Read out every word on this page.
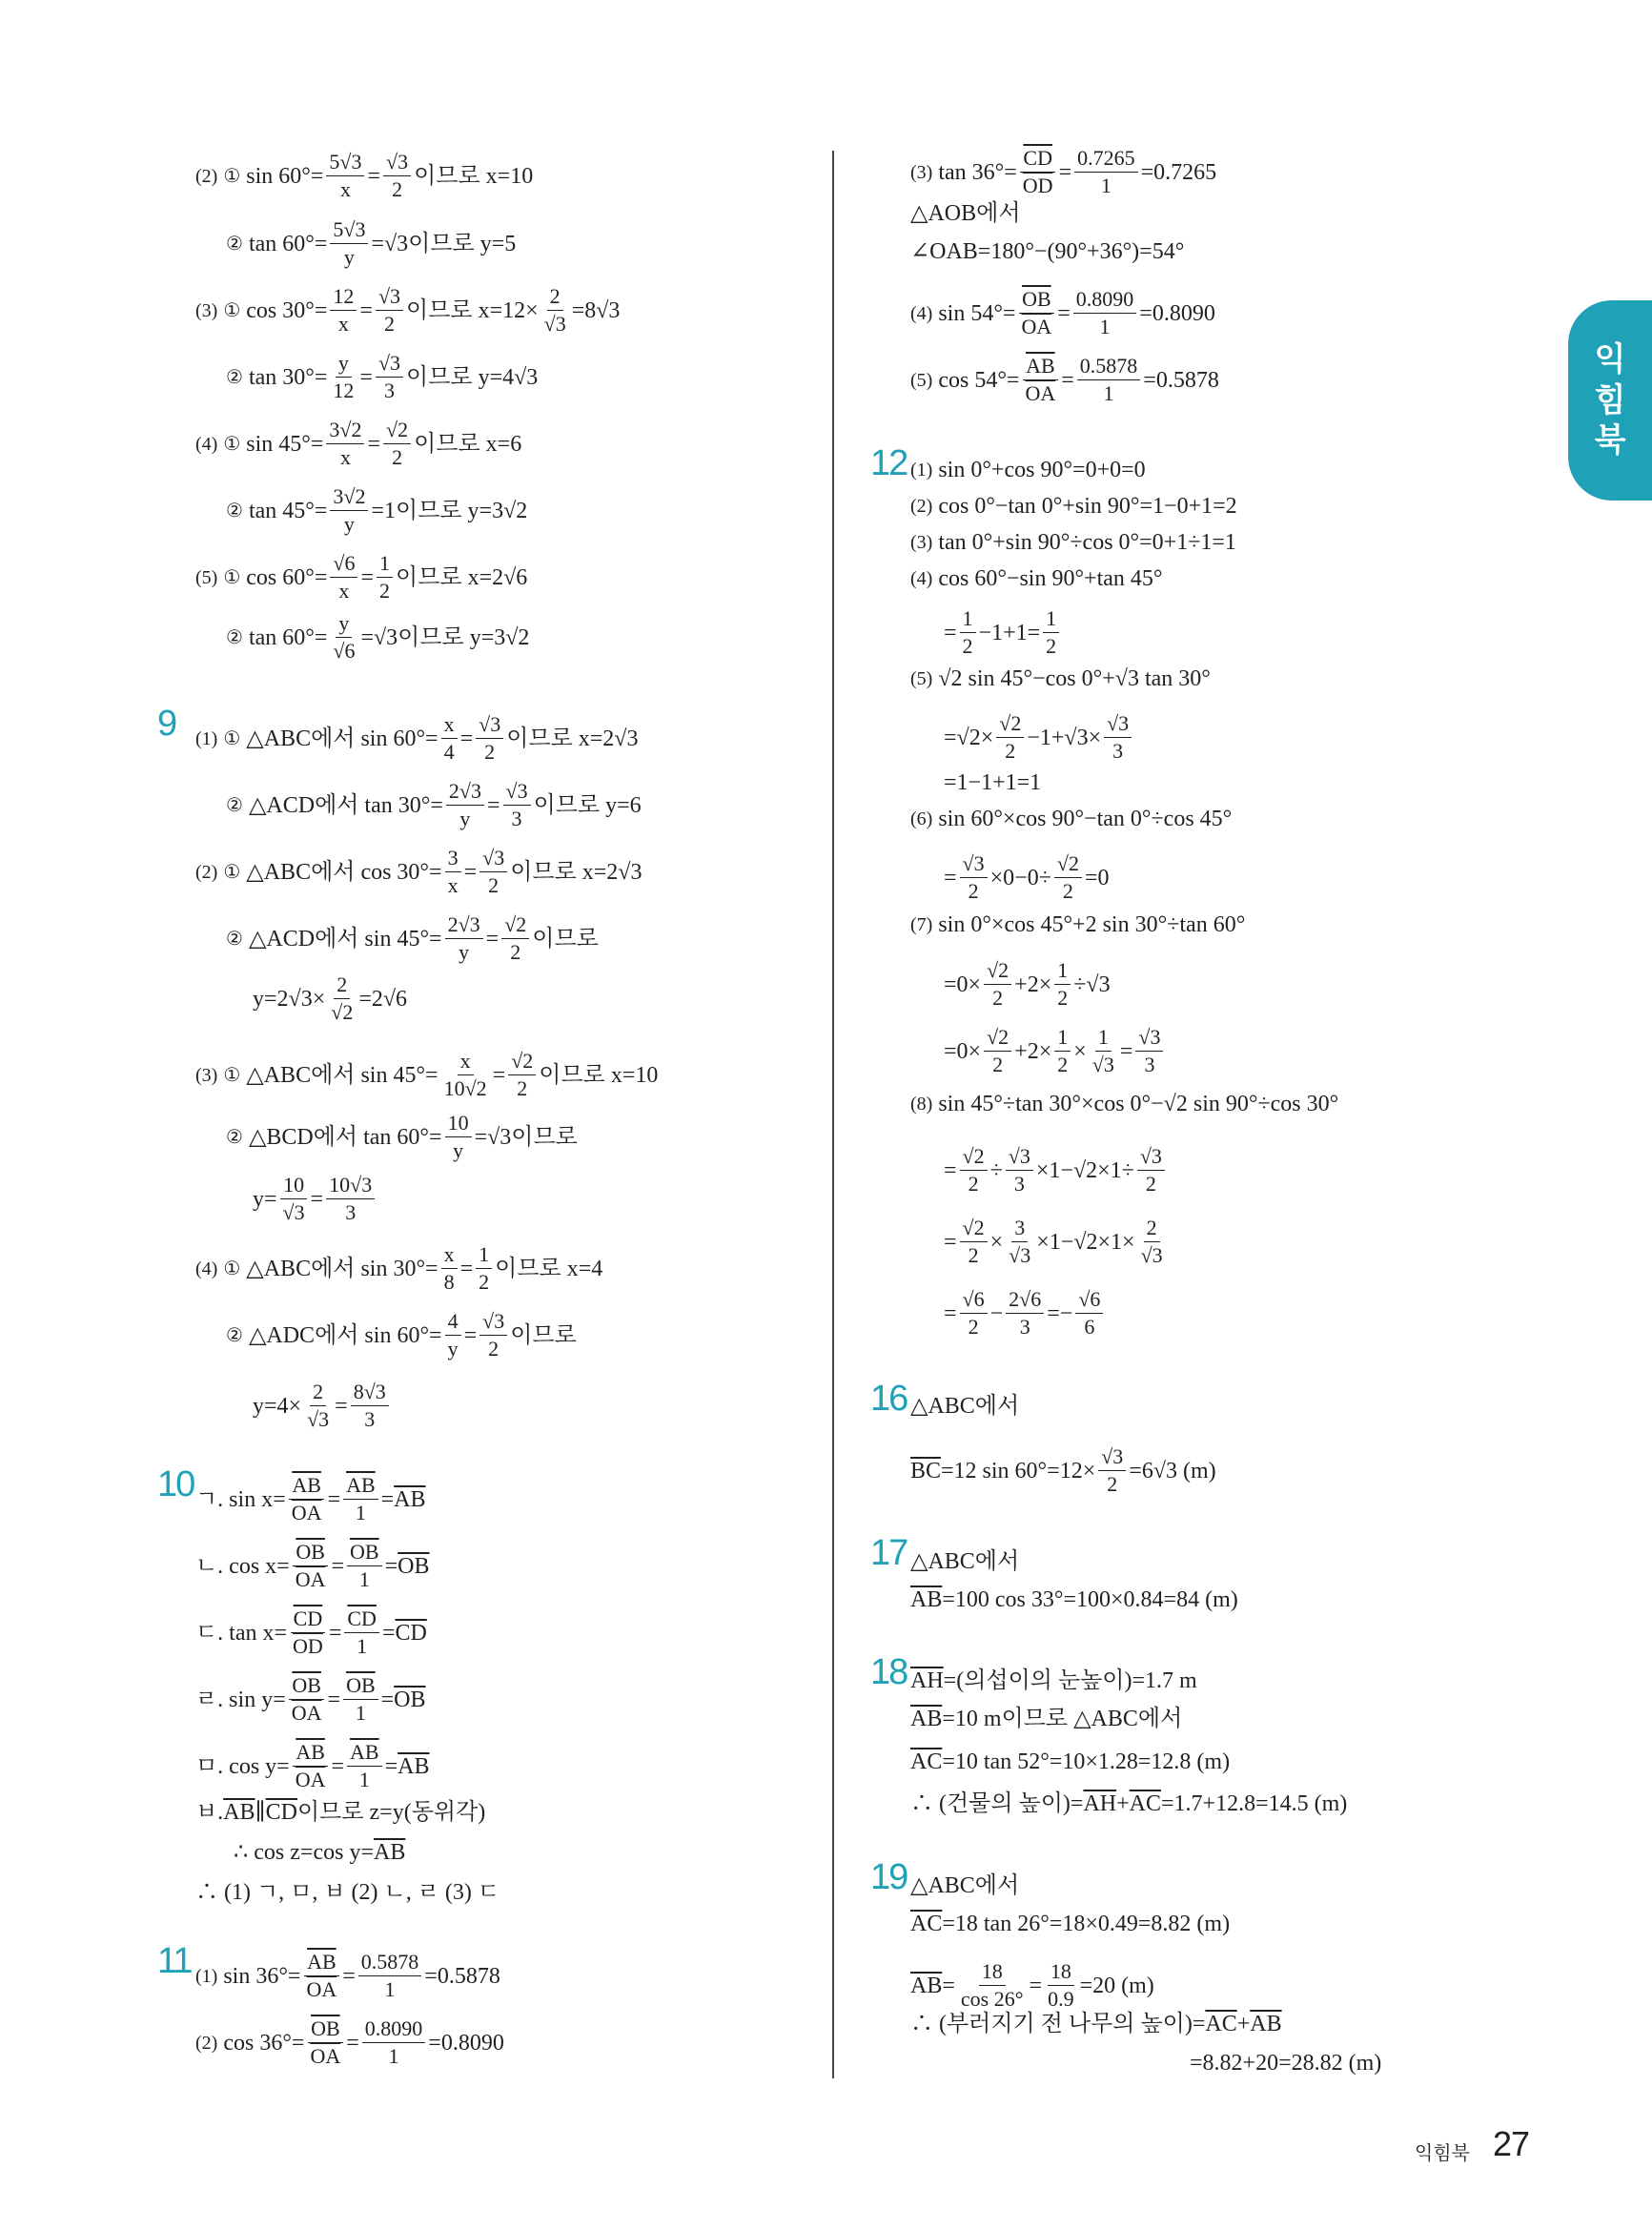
(2) ① $\sin 60^\circ= \frac{5√3}{x} = \frac{√3}{2}$ 이므로 x=10
② $\tan 60^\circ= \frac{5√3}{y} =√3$이므로 y=5
(3) ① $\cos 30^\circ= \frac{12}{x} = \frac{√3}{2}$ 이므로 $x=12\times \frac{2}{√3} =8√3$
② $\tan 30^\circ= \frac{y}{12} = \frac{√3}{3}$ 이므로 y=4√3
(4) ① $\sin 45^\circ= \frac{3√2}{x} = \frac{√2}{2}$ 이므로 x=6
② $\tan 45^\circ= \frac{3√2}{y} =1$이므로 y=3√2
(5) ① $\cos 60^\circ= \frac{√6}{x} = \frac{1}{2}$ 이므로 x=2√6
② $\tan 60^\circ= \frac{y}{√6} =√3$이므로 y=3√2
(1) ① △ABC에서 $\sin 60^\circ= \frac{x}{4} = \frac{√3}{2}$ 이므로 x=2√3
② △ACD에서 $\tan 30^\circ= \frac{2√3}{y} = \frac{√3}{3}$ 이므로 y=6
(2) ① △ABC에서 $\cos 30^\circ= \frac{3}{x} = \frac{√3}{2}$ 이므로 x=2√3
② △ACD에서 $\sin 45^\circ= \frac{2√3}{y} = \frac{√2}{2}$ 이므로
$y=2√3\times \frac{2}{√2} =2√6$
(3) ① △ABC에서 $\sin 45^\circ= \frac{x}{10√2} = \frac{√2}{2}$ 이므로 x=10
② △BCD에서 $\tan 60^\circ= \frac{10}{y} =√3$이므로
$y= \frac{10}{√3} = \frac{10√3}{3}$
(4) ① △ABC에서 $\sin 30^\circ= \frac{x}{8} = \frac{1}{2}$ 이므로 x=4
② △ADC에서 $\sin 60^\circ= \frac{4}{y} = \frac{√3}{2}$ 이므로
$y=4\times \frac{2}{√3} = \frac{8√3}{3}$
ㄱ. $\sin x= \frac{\overline{AB}}{OA} = \frac{\overline{AB}}{1} = \overline{AB}$
ㄴ. $\cos x= \frac{\overline{OB}}{OA} = \frac{\overline{OB}}{1} = \overline{OB}$
ㄷ. $\tan x= \frac{\overline{CD}}{OD} = \frac{\overline{CD}}{1} = \overline{CD}$
ㄹ. $\sin y= \frac{\overline{OB}}{OA} = \frac{\overline{OB}}{1} = \overline{OB}$
ㅁ. $\cos y= \frac{\overline{AB}}{OA} = \frac{\overline{AB}}{1} = \overline{AB}$
ㅂ. $\overline{AB}$ ∥ $\overline{CD}$ 이므로 z=y(동위각)
∴ cos z=cos $y= \overline{AB}$
∴ (1) ㄱ, ㅁ, ㅂ (2) ㄴ, ㄹ (3) ㄷ
(1) $\sin 36^\circ= \frac{\overline{AB}}{OA} = \frac{0.5878}{1} =0.5878$
(2) $\cos 36^\circ= \frac{\overline{OB}}{OA} = \frac{0.8090}{1} =0.8090$
(3) $\tan 36^\circ= \frac{\overline{CD}}{OD} = \frac{0.7265}{1} =0.7265$
△AOB에서
∠OAB=180°−(90°+36°)=54°
(4) $\sin 54^\circ= \frac{\overline{OB}}{OA} = \frac{0.8090}{1} =0.8090$
(5) $\cos 54^\circ= \frac{\overline{AB}}{OA} = \frac{0.5878}{1} =0.5878$
(1) sin 0°+cos 90°=0+0=0
(2) cos 0°−tan 0°+sin 90°=1−0+1=2
(3) tan 0°+sin 90°÷cos 0°=0+1÷1=1
(4) cos 60°−sin 90°+tan 45°
= $\frac{1}{2} -1+1= \frac{1}{2}$
(5) √2 sin 45°−cos 0°+√3 tan 30°
$=√2\times \frac{√2}{2} -1+√3\times \frac{√3}{3}$
=1−1+1=1
(6) sin 60°×cos 90°−tan 0°÷cos 45°
= $\frac{√3}{2} \times 0-0\div \frac{√2}{2} =0$
(7) sin 0°×cos 45°+2 sin 30°÷tan 60°
$=0\times \frac{√2}{2} +2\times \frac{1}{2} \div√3$
$=0\times \frac{√2}{2} +2\times \frac{1}{2} \times \frac{1}{√3} = \frac{√3}{3}$
(8) sin 45°÷tan 30°×cos 0°−√2 sin 90°÷cos 30°
= $\frac{√2}{2} \div \frac{√3}{3} \times 1-√2\times 1\div \frac{√3}{2}$
= $\frac{√2}{2} \times \frac{3}{√3} \times 1-√2\times 1\times \frac{2}{√3}$
= $\frac{√6}{2} - \frac{2√6}{3} =- \frac{√6}{6}$
△ABC에서
$\overline{BC} =12$ $\sin 60^\circ=12\times \frac{√3}{2} =6√3$ (m)
△ABC에서
$\overline{AB} =100$ cos 33°=100×0.84=84 (m)
$\overline{AH}$ =(의섭이의 눈높이)=1.7 m
$\overline{AB} =10$ m이므로 △ABC에서
$\overline{AC} =10$ tan 52°=10×1.28=12.8 (m)
∴ (건물의 높이)= $\overline{AH} + \overline{AC} =1.7+12.8=14.5$ (m)
△ABC에서
$\overline{AC} =18$ tan 26°=18×0.49=8.82 (m)
$\overline{AB} = \frac{18}{\cos 26^\circ} = \frac{18}{0.9} =20$ (m)
∴ (부러지기 전 나무의 높이)= $\overline{AC} + \overline{AB}$
=8.82+20=28.82 (m)
9
10
11
12
16
17
18
19
익
힘
북
익힘북 27
